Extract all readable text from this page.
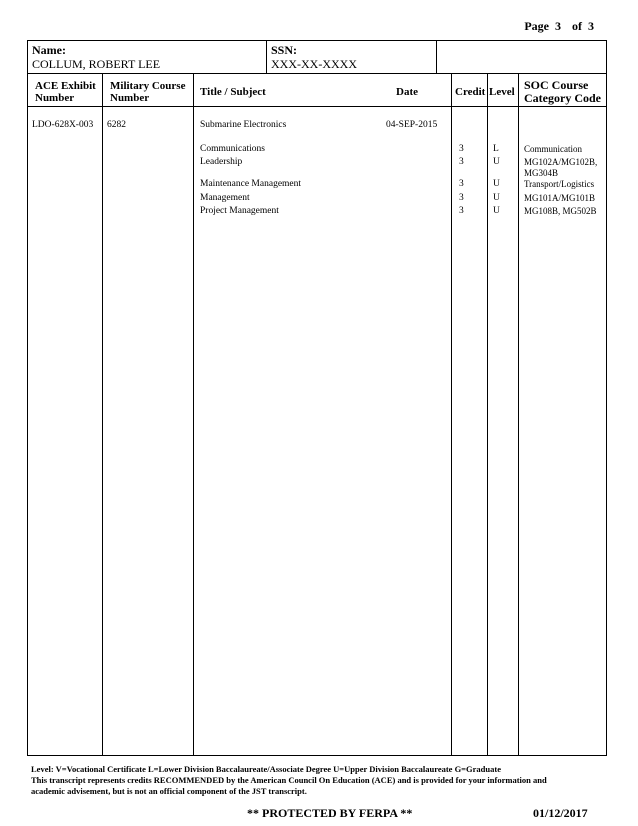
Page 3 of 3
Name:
COLLUM, ROBERT LEE
SSN:
XXX-XX-XXXX
ACE Exhibit
Number
Military Course
Number	Title / Subject	Date	Credit Level SOC Course
Category Code
LDO-628X-003 6282	Submarine Electronics	04-SEP-2015
Communications	3	L	Communication
Leadership	3	U	MG102A/MG102B,
MG304B
Maintenance Management	3	U	Transport/Logistics
Management	3	U	MG101A/MG101B
Project Management	3	U	MG108B, MG502B
Level: V=Vocational Certificate L=Lower Division Baccalaureate/Associate Degree U=Upper Division Baccalaureate G=Graduate
This transcript represents credits RECOMMENDED by the American Council On Education (ACE) and is provided for your information and
academic advisement, but is not an official component of the JST transcript.
** PROTECTED BY FERPA **	01/12/2017
